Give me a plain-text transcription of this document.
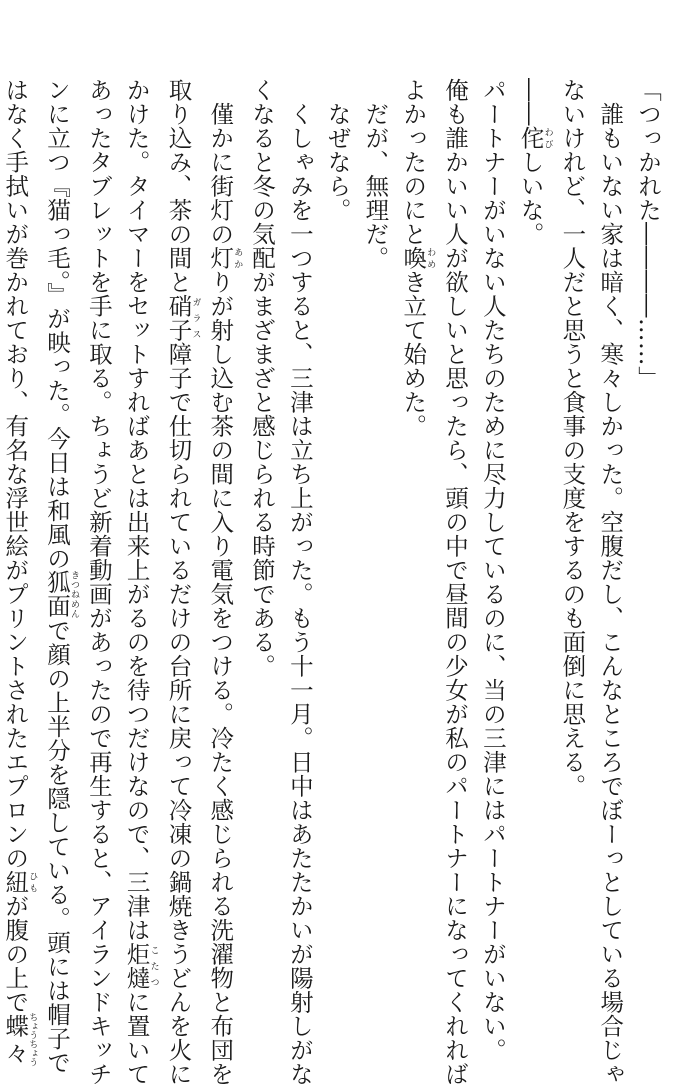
「つっかれた――――……」
　誰もいない家は暗く、寒々しかった。空腹だし、こんなところでぼーっとしている場合じゃ
ないけれど、一人だと思うと食事の支度をするのも面倒に思える。
――侘わびしいな。
パートナーがいない人たちのために尽力しているのに、当の三津にはパートナーがいない。
俺も誰かいい人が欲しいと思ったら、頭の中で昼間の少女が私のパートナーになってくれれば
よかったのにと喚わめき立て始めた。
　だが、無理だ。
　なぜなら。
　くしゃみを一つすると、三津は立ち上がった。もう十一月。日中はあたたかいが陽射しがな
くなると冬の気配がまざまざと感じられる時節である。
　僅かに街灯の灯あかりが射し込む茶の間に入り電気をつける。冷たく感じられる洗濯物と布団を
取り込み、茶の間と硝子ガラス障子で仕切られているだけの台所に戻って冷凍の鍋焼きうどんを火に
かけた。タイマーをセットすればあとは出来上がるのを待つだけなので、三津は炬燵こたつに置いて
あったタブレットを手に取る。ちょうど新着動画があったので再生すると、アイランドキッチ
ンに立つ『猫っ毛。』が映った。今日は和風の狐面きつねめんで顔の上半分を隠している。頭には帽子で
はなく手拭いが巻かれており、有名な浮世絵がプリントされたエプロンの紐ひもが腹の上で蝶々ちょうちょう
